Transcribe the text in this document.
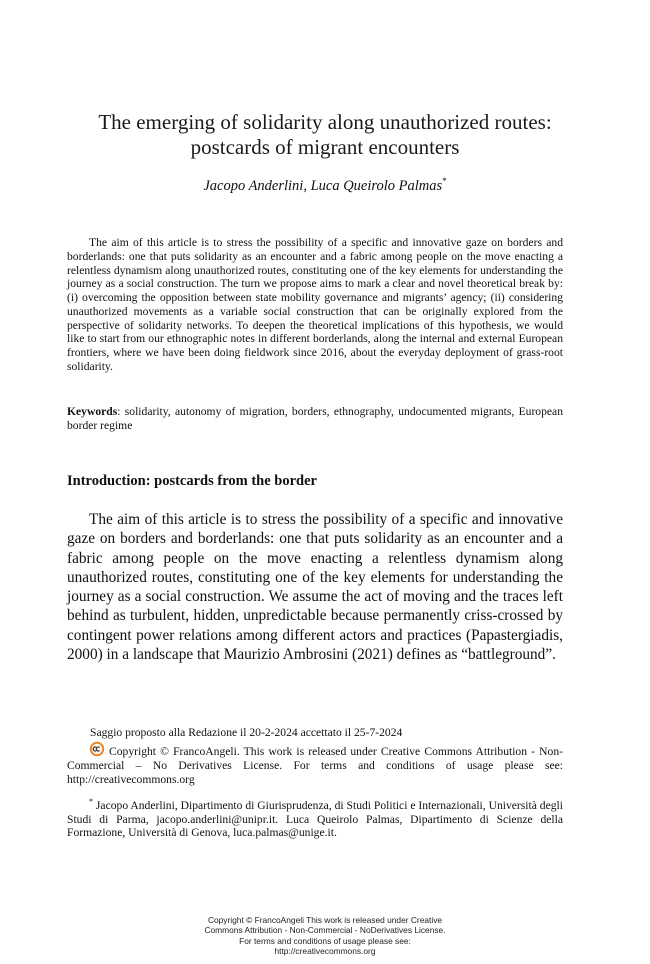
The emerging of solidarity along unauthorized routes:
postcards of migrant encounters
Jacopo Anderlini, Luca Queirolo Palmas*

The aim of this article is to stress the possibility of a specific and innovative gaze on borders and borderlands: one that puts solidarity as an encounter and a fabric among people on the move enacting a relentless dynamism along unauthorized routes, constituting one of the key elements for understanding the journey as a social construction. The turn we propose aims to mark a clear and novel theoretical break by: (i) overcoming the opposition between state mobility governance and migrants’ agency; (ii) considering unauthorized movements as a variable social construction that can be originally explored from the perspective of solidarity networks. To deepen the theoretical implications of this hypothesis, we would like to start from our ethnographic notes in different borderlands, along the internal and external European frontiers, where we have been doing fieldwork since 2016, about the everyday deployment of grass-root solidarity.

Keywords: solidarity, autonomy of migration, borders, ethnography, undocumented migrants, European border regime

Introduction: postcards from the border

The aim of this article is to stress the possibility of a specific and innovative gaze on borders and borderlands: one that puts solidarity as an encounter and a fabric among people on the move enacting a relentless dynamism along unauthorized routes, constituting one of the key elements for understanding the journey as a social construction. We assume the act of moving and the traces left behind as turbulent, hidden, unpredictable because permanently criss-crossed by contingent power relations among different actors and practices (Papastergiadis, 2000) in a landscape that Maurizio Ambrosini (2021) defines as “battleground”.

Saggio proposto alla Redazione il 20-2-2024 accettato il 25-7-2024

Copyright © FrancoAngeli. This work is released under Creative Commons Attribution - Non-Commercial – No Derivatives License. For terms and conditions of usage please see: http://creativecommons.org

* Jacopo Anderlini, Dipartimento di Giurisprudenza, di Studi Politici e Internazionali, Università degli Studi di Parma, jacopo.anderlini@unipr.it. Luca Queirolo Palmas, Dipartimento di Scienze della Formazione, Università di Genova, luca.palmas@unige.it.

Copyright © FrancoAngeli This work is released under Creative
Commons Attribution - Non-Commercial - NoDerivatives License.
For terms and conditions of usage please see:
http://creativecommons.org
